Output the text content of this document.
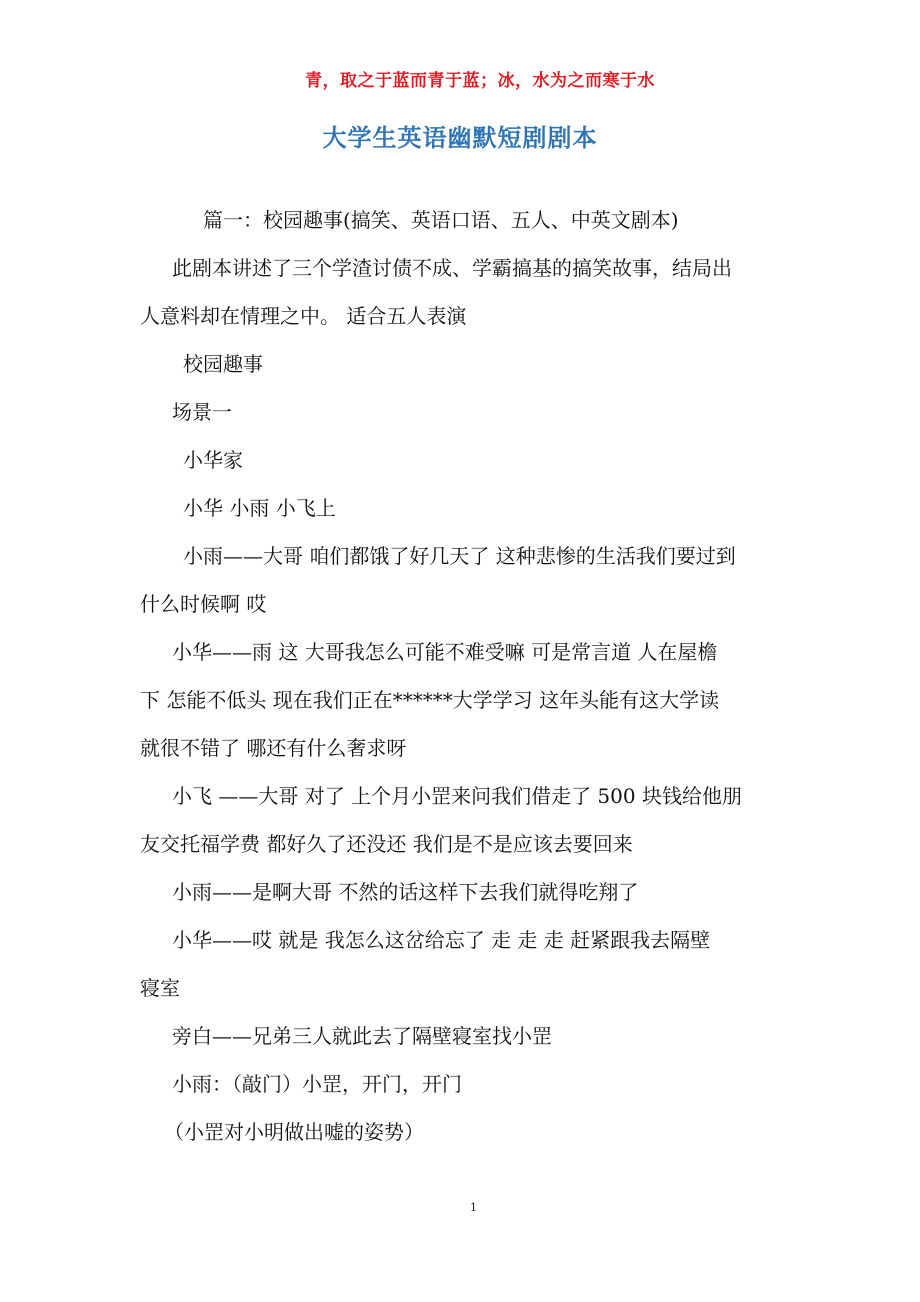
青，取之于蓝而青于蓝；冰，水为之而寒于水
大学生英语幽默短剧剧本
篇一：校园趣事(搞笑、英语口语、五人、中英文剧本)
此剧本讲述了三个学渣讨债不成、学霸搞基的搞笑故事，结局出
人意料却在情理之中。 适合五人表演
校园趣事
场景一
小华家
小华 小雨 小飞上
小雨——大哥 咱们都饿了好几天了 这种悲惨的生活我们要过到
什么时候啊 哎
小华——雨 这 大哥我怎么可能不难受嘛 可是常言道 人在屋檐
下 怎能不低头 现在我们正在******大学学习 这年头能有这大学读
就很不错了 哪还有什么奢求呀
小飞 ——大哥 对了 上个月小罡来问我们借走了 500 块钱给他朋
友交托福学费 都好久了还没还 我们是不是应该去要回来
小雨——是啊大哥 不然的话这样下去我们就得吃翔了
小华——哎 就是 我怎么这岔给忘了 走 走 走 赶紧跟我去隔壁
寝室
旁白——兄弟三人就此去了隔壁寝室找小罡
小雨：（敲门）小罡，开门，开门
（小罡对小明做出嘘的姿势）
1
